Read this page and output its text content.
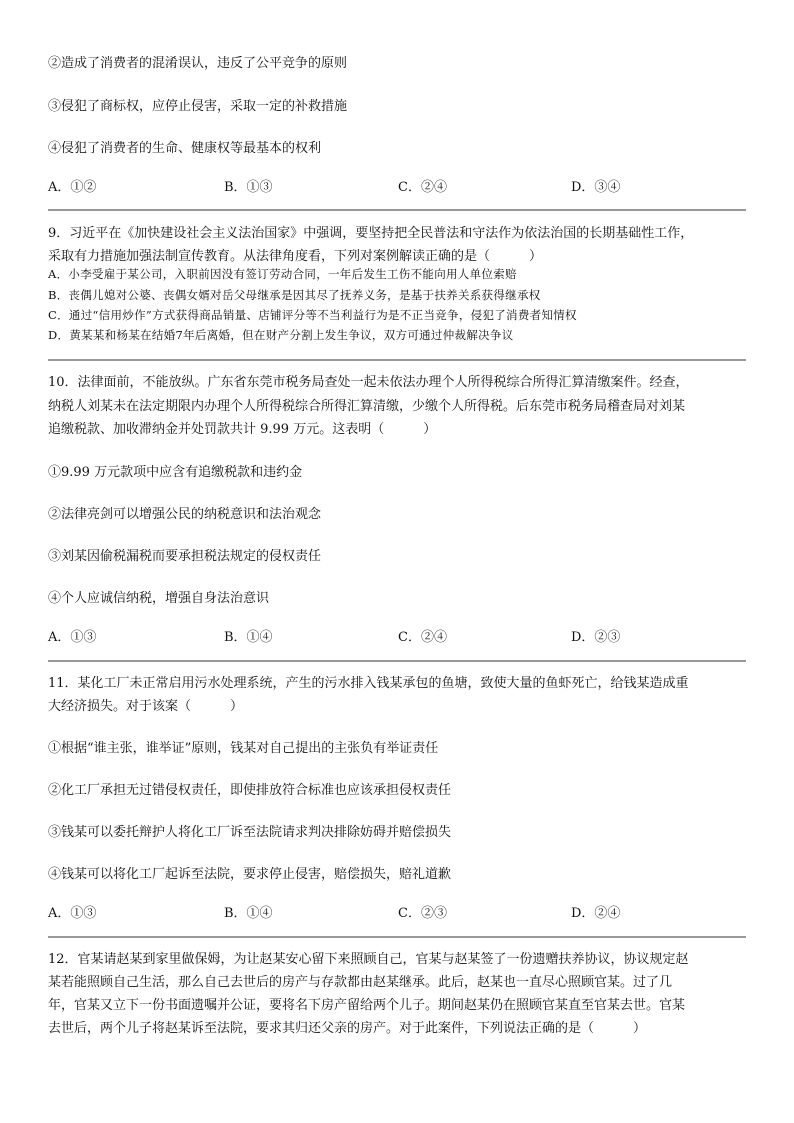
②造成了消费者的混淆误认，违反了公平竞争的原则
③侵犯了商标权，应停止侵害，采取一定的补救措施
④侵犯了消费者的生命、健康权等最基本的权利
A．①②	B．①③	C．②④	D．③④
9．习近平在《加快建设社会主义法治国家》中强调，要坚持把全民普法和守法作为依法治国的长期基础性工作，
采取有力措施加强法制宣传教育。从法律角度看，下列对案例解读正确的是（　　　）
A．小李受雇于某公司，入职前因没有签订劳动合同，一年后发生工伤不能向用人单位索赔
B．丧偶儿媳对公婆、丧偶女婿对岳父母继承是因其尽了抚养义务，是基于扶养关系获得继承权
C．通过“信用炒作”方式获得商品销量、店铺评分等不当利益行为是不正当竞争，侵犯了消费者知情权
D．黄某某和杨某在结婚7年后离婚，但在财产分割上发生争议，双方可通过仲裁解决争议
10．法律面前，不能放纵。广东省东莞市税务局查处一起未依法办理个人所得税综合所得汇算清缴案件。经查，
纳税人刘某未在法定期限内办理个人所得税综合所得汇算清缴，少缴个人所得税。后东莞市税务局稽查局对刘某
追缴税款、加收滞纳金并处罚款共计 9.99 万元。这表明（　　　）
①9.99 万元款项中应含有追缴税款和违约金
②法律亮剑可以增强公民的纳税意识和法治观念
③刘某因偷税漏税而要承担税法规定的侵权责任
④个人应诚信纳税，增强自身法治意识
A．①③	B．①④	C．②④	D．②③
11．某化工厂未正常启用污水处理系统，产生的污水排入钱某承包的鱼塘，致使大量的鱼虾死亡，给钱某造成重
大经济损失。对于该案（　　　）
①根据“谁主张，谁举证”原则，钱某对自己提出的主张负有举证责任
②化工厂承担无过错侵权责任，即使排放符合标准也应该承担侵权责任
③钱某可以委托辩护人将化工厂诉至法院请求判决排除妨碍并赔偿损失
④钱某可以将化工厂起诉至法院，要求停止侵害，赔偿损失，赔礼道歉
A．①③	B．①④	C．②③	D．②④
12．官某请赵某到家里做保姆，为让赵某安心留下来照顾自己，官某与赵某签了一份遗赠扶养协议，协议规定赵
某若能照顾自己生活，那么自己去世后的房产与存款都由赵某继承。此后，赵某也一直尽心照顾官某。过了几
年，官某又立下一份书面遗嘱并公证，要将名下房产留给两个儿子。期间赵某仍在照顾官某直至官某去世。官某
去世后，两个儿子将赵某诉至法院，要求其归还父亲的房产。对于此案件，下列说法正确的是（　　　）
